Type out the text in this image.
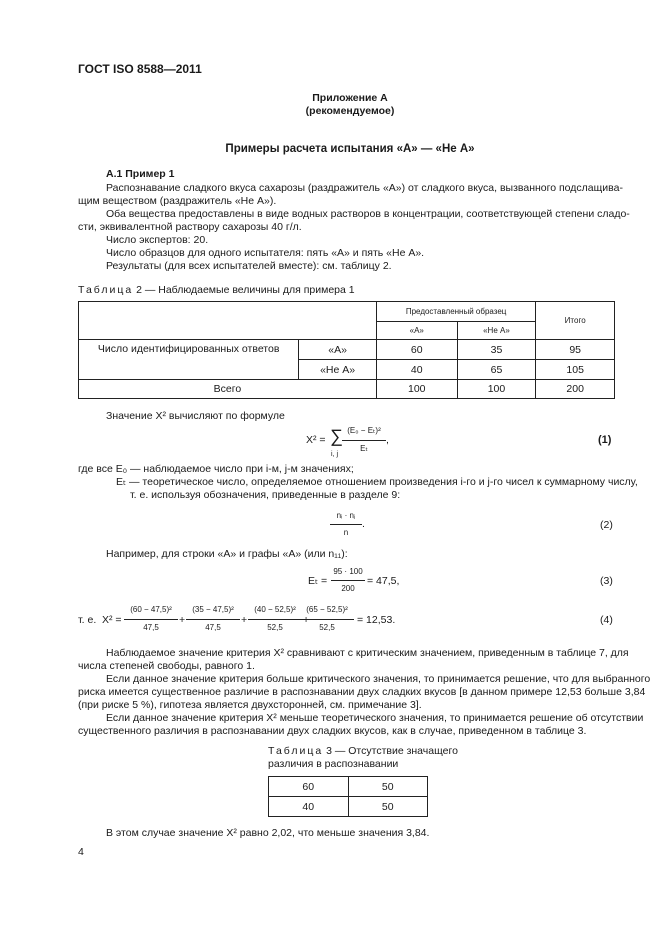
ГОСТ ISO 8588—2011
Приложение А
(рекомендуемое)
Примеры расчета испытания «А» — «Не А»
А.1 Пример 1
Распознавание сладкого вкуса сахарозы (раздражитель «А») от сладкого вкуса, вызванного подслащива-
щим веществом (раздражитель «Не А»).
Оба вещества предоставлены в виде водных растворов в концентрации, соответствующей степени сладо-
сти, эквивалентной раствору сахарозы 40 г/л.
Число экспертов: 20.
Число образцов для одного испытателя: пять «А» и пять «Не А».
Результаты (для всех испытателей вместе): см. таблицу 2.
Таблица 2 — Наблюдаемые величины для примера 1
		Предоставленный образец		Итого
		«А»	«Не А»	
Число идентифицированных ответов	«А»	60	35	95
	«Не А»	40	65	105
Всего		100	100	200
Значение X² вычисляют по формуле
X² = ∑
i, j
(E₀ − Eₜ)²
Eₜ
,	(1)
где все E₀ — наблюдаемое число при i-м, j-м значениях;
Eₜ — теоретическое число, определяемое отношением произведения i-го и j-го чисел к суммарному числу,
т. е. используя обозначения, приведенные в разделе 9:
nᵢ · nⱼ
n
.	(2)
Например, для строки «А» и графы «А» (или n₁₁):
Eₜ =
95 · 100
200
= 47,5,	(3)
т. е. X² =
(60 − 47,5)²
47,5
+
(35 − 47,5)²
47,5
+
(40 − 52,5)²
52,5
+
(65 − 52,5)²
52,5
= 12,53.	(4)
Наблюдаемое значение критерия X² сравнивают с критическим значением, приведенным в таблице 7, для
числа степеней свободы, равного 1.
Если данное значение критерия больше критического значения, то принимается решение, что для выбранного
риска имеется существенное различие в распознавании двух сладких вкусов [в данном примере 12,53 больше 3,84
(при риске 5 %), гипотеза является двухсторонней, см. примечание 3].
Если данное значение критерия X² меньше теоретического значения, то принимается решение об отсутствии
существенного различия в распознавании двух сладких вкусов, как в случае, приведенном в таблице 3.
Таблица 3 — Отсутствие значащего
различия в распознавании
60	50
40	50
В этом случае значение X² равно 2,02, что меньше значения 3,84.
4
